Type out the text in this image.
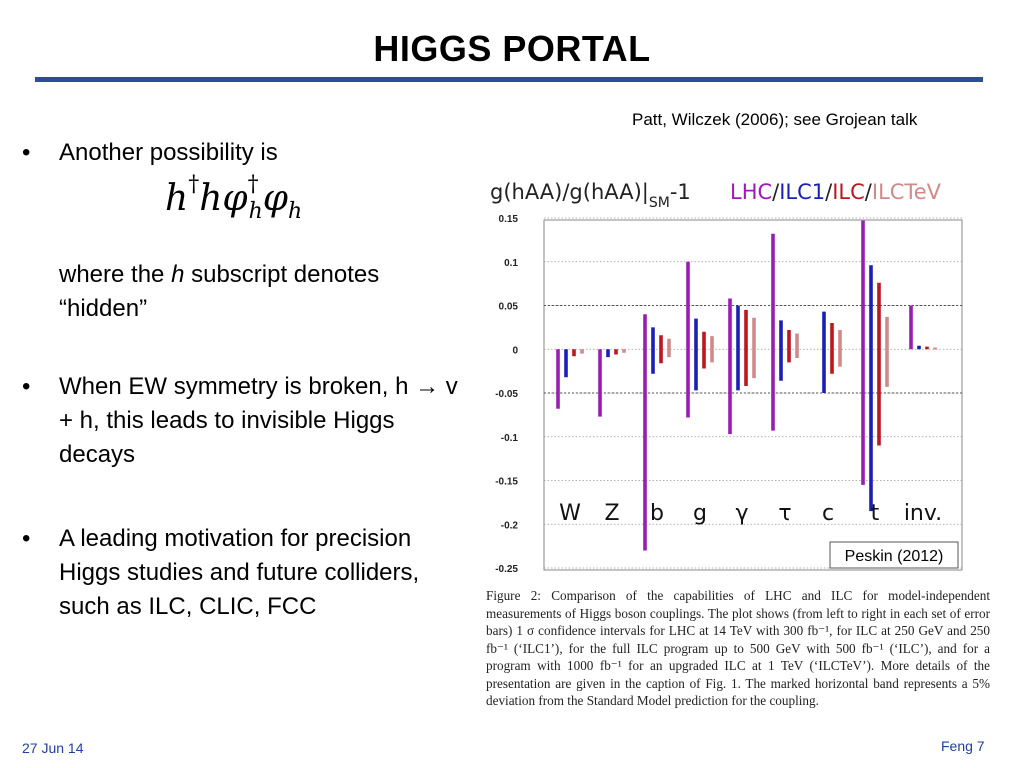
HIGGS PORTAL
Patt, Wilczek (2006); see Grojean talk
• Another possibility is
• When EW symmetry is broken, h → v + h, this leads to invisible Higgs decays
• A leading motivation for precision Higgs studies and future colliders, such as ILC, CLIC, FCC
$h^\dagger h\varphi^\dagger_h\varphi_h$
where the h subscript denotes “hidden”
$g(hAA)/g(hAA)|_{SM}-1$ LHC/ILC1/ILC/ILCTeV
0.15
0.1
0.05
0
-0.05
-0.1
-0.15
-0.2
-0.25
W Z b g γ τ c t inv.
Peskin (2012)
Figure 2: Comparison of the capabilities of LHC and ILC for model-independent measurements of Higgs boson couplings. The plot shows (from left to right in each set of error bars) 1 σ confidence intervals for LHC at 14 TeV with 300 fb⁻¹, for ILC at 250 GeV and 250 fb⁻¹ (‘ILC1’), for the full ILC program up to 500 GeV with 500 fb⁻¹ (‘ILC’), and for a program with 1000 fb⁻¹ for an upgraded ILC at 1 TeV (‘ILCTeV’). More details of the presentation are given in the caption of Fig. 1. The marked horizontal band represents a 5% deviation from the Standard Model prediction for the coupling.
27 Jun 14	Feng 7
